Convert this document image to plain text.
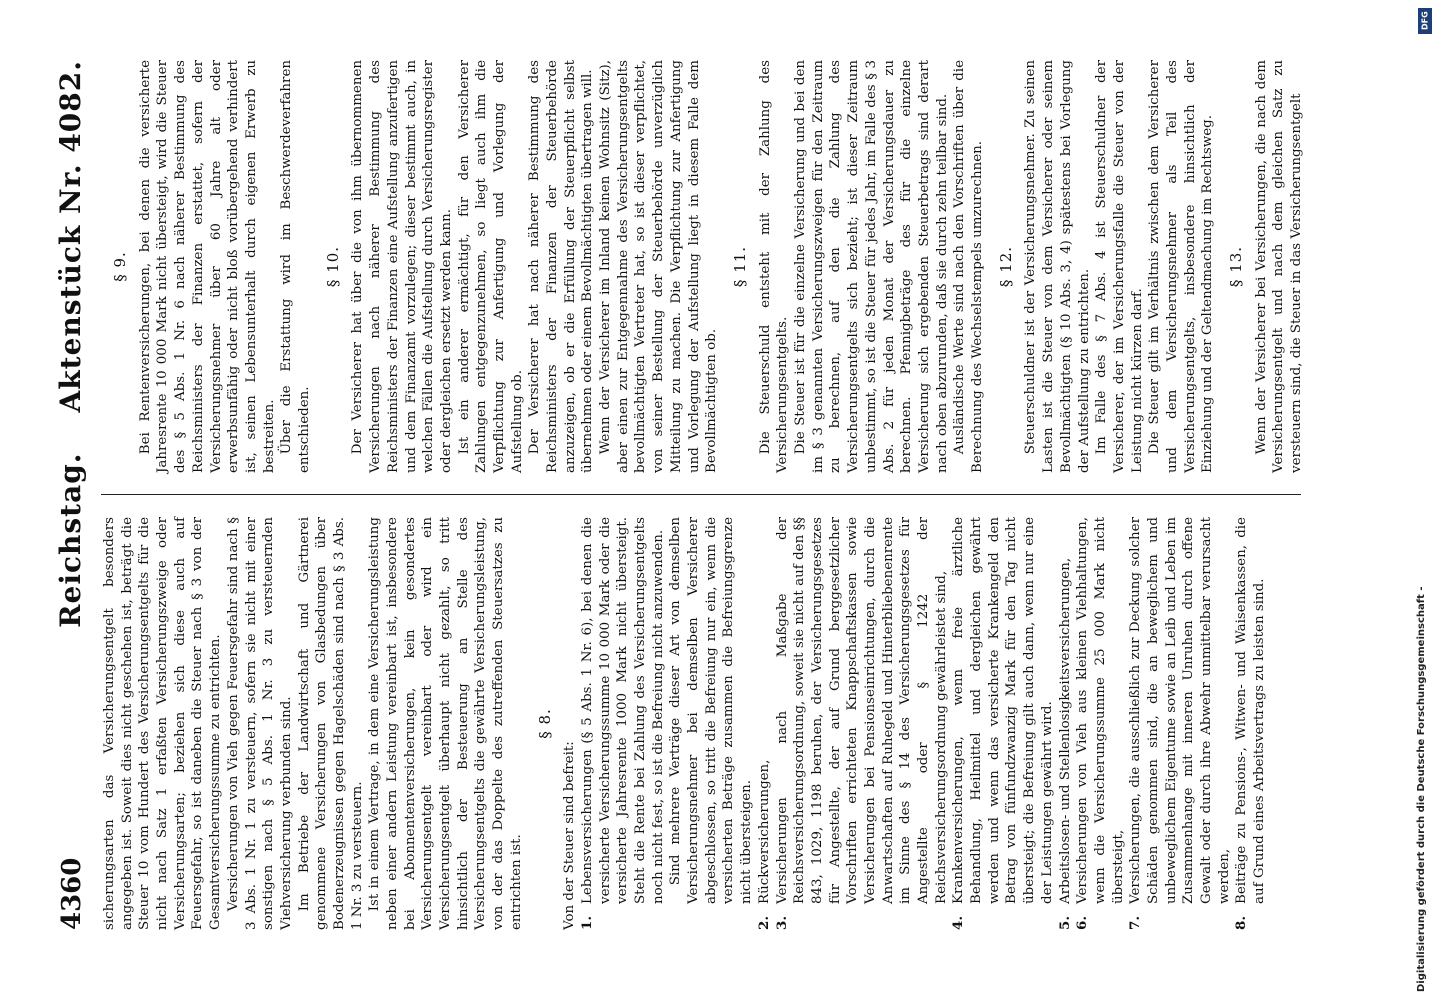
4360
Reichstag.Aktenstück Nr. 4082.

sicherungsarten das Versicherungsentgelt besonders angegeben ist. Soweit dies nicht geschehen ist, beträgt die Steuer 10 vom Hundert des Versicherungsentgelts für die nicht nach Satz 1 erfaßten Versicherungszweige oder Versicherungsarten; beziehen sich diese auch auf Feuersgefahr, so ist daneben die Steuer nach § 3 von der Gesamtversicherungssumme zu entrichten. Versicherungen von Vieh gegen Feuersgefahr sind nach § 3 Abs. 1 Nr. 1 zu versteuern, sofern sie nicht mit einer sonstigen nach § 5 Abs. 1 Nr. 3 zu versteuernden Viehversicherung verbunden sind. Im Betriebe der Landwirtschaft und Gärtnerei genommene Versicherungen von Glasbedungen über Bodenerzeugnissen gegen Hagelschäden sind nach § 3 Abs. 1 Nr. 3 zu versteuern. Ist in einem Vertrage, in dem eine Versicherungsleistung neben einer andern Leistung vereinbart ist, insbesondere bei Abonnentenversicherungen, kein gesondertes Versicherungsentgelt vereinbart oder wird ein Versicherungsentgelt überhaupt nicht gezahlt, so tritt hinsichtlich der Besteuerung an Stelle des Versicherungsentgelts die gewährte Versicherungsleistung, von der das Doppelte des zutreffenden Steuersatzes zu entrichten ist.

§ 8.

Von der Steuer sind befreit: 1.
Lebensversicherungen (§ 5 Abs. 1 Nr. 6), bei denen die versicherte Versicherungssumme 10 000 Mark oder die versicherte Jahresrente 1000 Mark nicht übersteigt. Steht die Rente bei Zahlung des Versicherungsentgelts noch nicht fest, so ist die Befreiung nicht anzuwenden. Sind mehrere Verträge dieser Art von demselben Versicherungsnehmer bei demselben Versicherer abgeschlossen, so tritt die Befreiung nur ein, wenn die versicherten Beträge zusammen die Befreiungsgrenze nicht übersteigen.
2.
Rückversicherungen,
3.
Versicherungen nach Maßgabe der Reichsversicherungsordnung, soweit sie nicht auf den §§ 843, 1029, 1198 beruhen, der Versicherungsgesetzes für Angestellte, der auf Grund berggesetzlicher Vorschriften errichteten Knappschaftskassen sowie Versicherungen bei Pensionseinrichtungen, durch die Anwartschaften auf Ruhegeld und Hinterbliebenenrente im Sinne des § 14 des Versicherungsgesetzes für Angestellte oder § 1242 der Reichsversicherungsordnung gewährleistet sind,
4.
Krankenversicherungen, wenn freie ärztliche Behandlung, Heilmittel und dergleichen gewährt werden und wenn das versicherte Krankengeld den Betrag von fünfundzwanzig Mark für den Tag nicht übersteigt; die Befreiung gilt auch dann, wenn nur eine der Leistungen gewährt wird.
5.
Arbeitslosen- und Stellenlosigkeitsversicherungen,
6.
Versicherungen von Vieh aus kleinen Viehhaltungen, wenn die Versicherungssumme 25 000 Mark nicht übersteigt,
7.
Versicherungen, die ausschließlich zur Deckung solcher Schäden genommen sind, die an beweglichem und unbeweglichem Eigentume sowie an Leib und Leben im Zusammenhange mit inneren Unruhen durch offene Gewalt oder durch ihre Abwehr unmittelbar verursacht werden,
8.
Beiträge zu Pensions-, Witwen- und Waisenkassen, die auf Grund eines Arbeitsvertrags zu leisten sind.
§ 9. Bei Rentenversicherungen, bei denen die versicherte Jahresrente 10 000 Mark nicht übersteigt, wird die Steuer des § 5 Abs. 1 Nr. 6 nach näherer Bestimmung des Reichsministers der Finanzen erstattet, sofern der Versicherungsnehmer über 60 Jahre alt oder erwerbsunfähig oder nicht bloß vorübergehend verhindert ist, seinen Lebensunterhalt durch eigenen Erwerb zu bestreiten. Über die Erstattung wird im Beschwerdeverfahren entschieden.

§ 10. Der Versicherer hat über die von ihm übernommenen Versicherungen nach näherer Bestimmung des Reichsministers der Finanzen eine Aufstellung anzufertigen und dem Finanzamt vorzulegen; dieser bestimmt auch, in welchen Fällen die Aufstellung durch Versicherungsregister oder dergleichen ersetzt werden kann. Ist ein anderer ermächtigt, für den Versicherer Zahlungen entgegenzunehmen, so liegt auch ihm die Verpflichtung zur Anfertigung und Vorlegung der Aufstellung ob. Der Versicherer hat nach näherer Bestimmung des Reichsministers der Finanzen der Steuerbehörde anzuzeigen, ob er die Erfüllung der Steuerpflicht selbst übernehmen oder einem Bevollmächtigten übertragen will. Wenn der Versicherer im Inland keinen Wohnsitz (Sitz), aber einen zur Entgegennahme des Versicherungsentgelts bevollmächtigten Vertreter hat, so ist dieser verpflichtet, von seiner Bestellung der Steuerbehörde unverzüglich Mitteilung zu machen. Die Verpflichtung zur Anfertigung und Vorlegung der Aufstellung liegt in diesem Falle dem Bevollmächtigten ob.

§ 11. Die Steuerschuld entsteht mit der Zahlung des Versicherungsentgelts. Die Steuer ist für die einzelne Versicherung und bei den im § 3 genannten Versicherungszweigen für den Zeitraum zu berechnen, auf den die Zahlung des Versicherungsentgelts sich bezieht; ist dieser Zeitraum unbestimmt, so ist die Steuer für jedes Jahr, im Falle des § 3 Abs. 2 für jeden Monat der Versicherungsdauer zu berechnen. Pfennigbeträge des für die einzelne Versicherung sich ergebenden Steuerbetrags sind derart nach oben abzurunden, daß sie durch zehn teilbar sind. Ausländische Werte sind nach den Vorschriften über die Berechnung des Wechselstempels umzurechnen. § 12. Steuerschuldner ist der Versicherungsnehmer. Zu seinen Lasten ist die Steuer von dem Versicherer oder seinem Bevollmächtigten (§ 10 Abs. 3, 4) spätestens bei Vorlegung der Aufstellung zu entrichten. Im Falle des § 7 Abs. 4 ist Steuerschuldner der Versicherer, der im Versicherungsfalle die Steuer von der Leistung nicht kürzen darf. Die Steuer gilt im Verhältnis zwischen dem Versicherer und dem Versicherungsnehmer als Teil des Versicherungsentgelts, insbesondere hinsichtlich der Einziehung und der Geltendmachung im Rechtsweg. § 13. Wenn der Versicherer bei Versicherungen, die nach dem Versicherungsentgelt und nach dem gleichen Satz zu versteuern sind, die Steuer in das Versicherungsentgelt

Digitalisierung gefördert durch die Deutsche Forschungsgemeinschaft -
DFG
